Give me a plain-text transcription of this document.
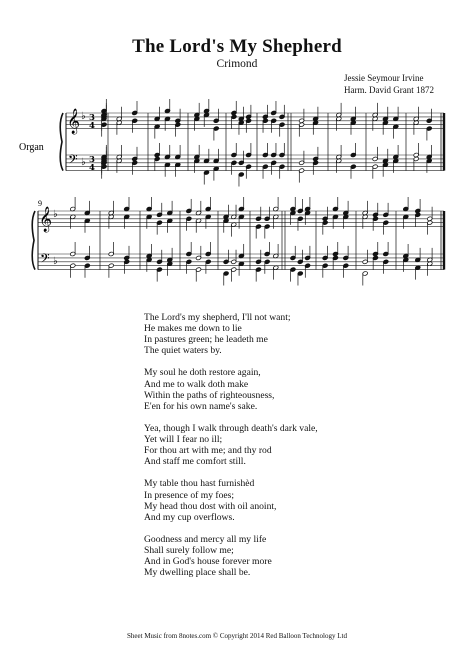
The Lord's My Shepherd
Crimond
Jessie Seymour Irvine
Harm. David Grant 1872
𝄞
𝄢
♭
♭
3
4
3
4
𝄞
𝄢
♭
♭
Organ
9
The Lord's my shepherd, I'll not want;
He makes me down to lie
In pastures green; he leadeth me
The quiet waters by.
My soul he doth restore again,
And me to walk doth make
Within the paths of righteousness,
E'en for his own name's sake.
Yea, though I walk through death's dark vale,
Yet will I fear no ill;
For thou art with me; and thy rod
And staff me comfort still.
My table thou hast furnishèd
In presence of my foes;
My head thou dost with oil anoint,
And my cup overflows.
Goodness and mercy all my life
Shall surely follow me;
And in God's house forever more
My dwelling place shall be.
Sheet Music from 8notes.com © Copyright 2014 Red Balloon Technology Ltd
